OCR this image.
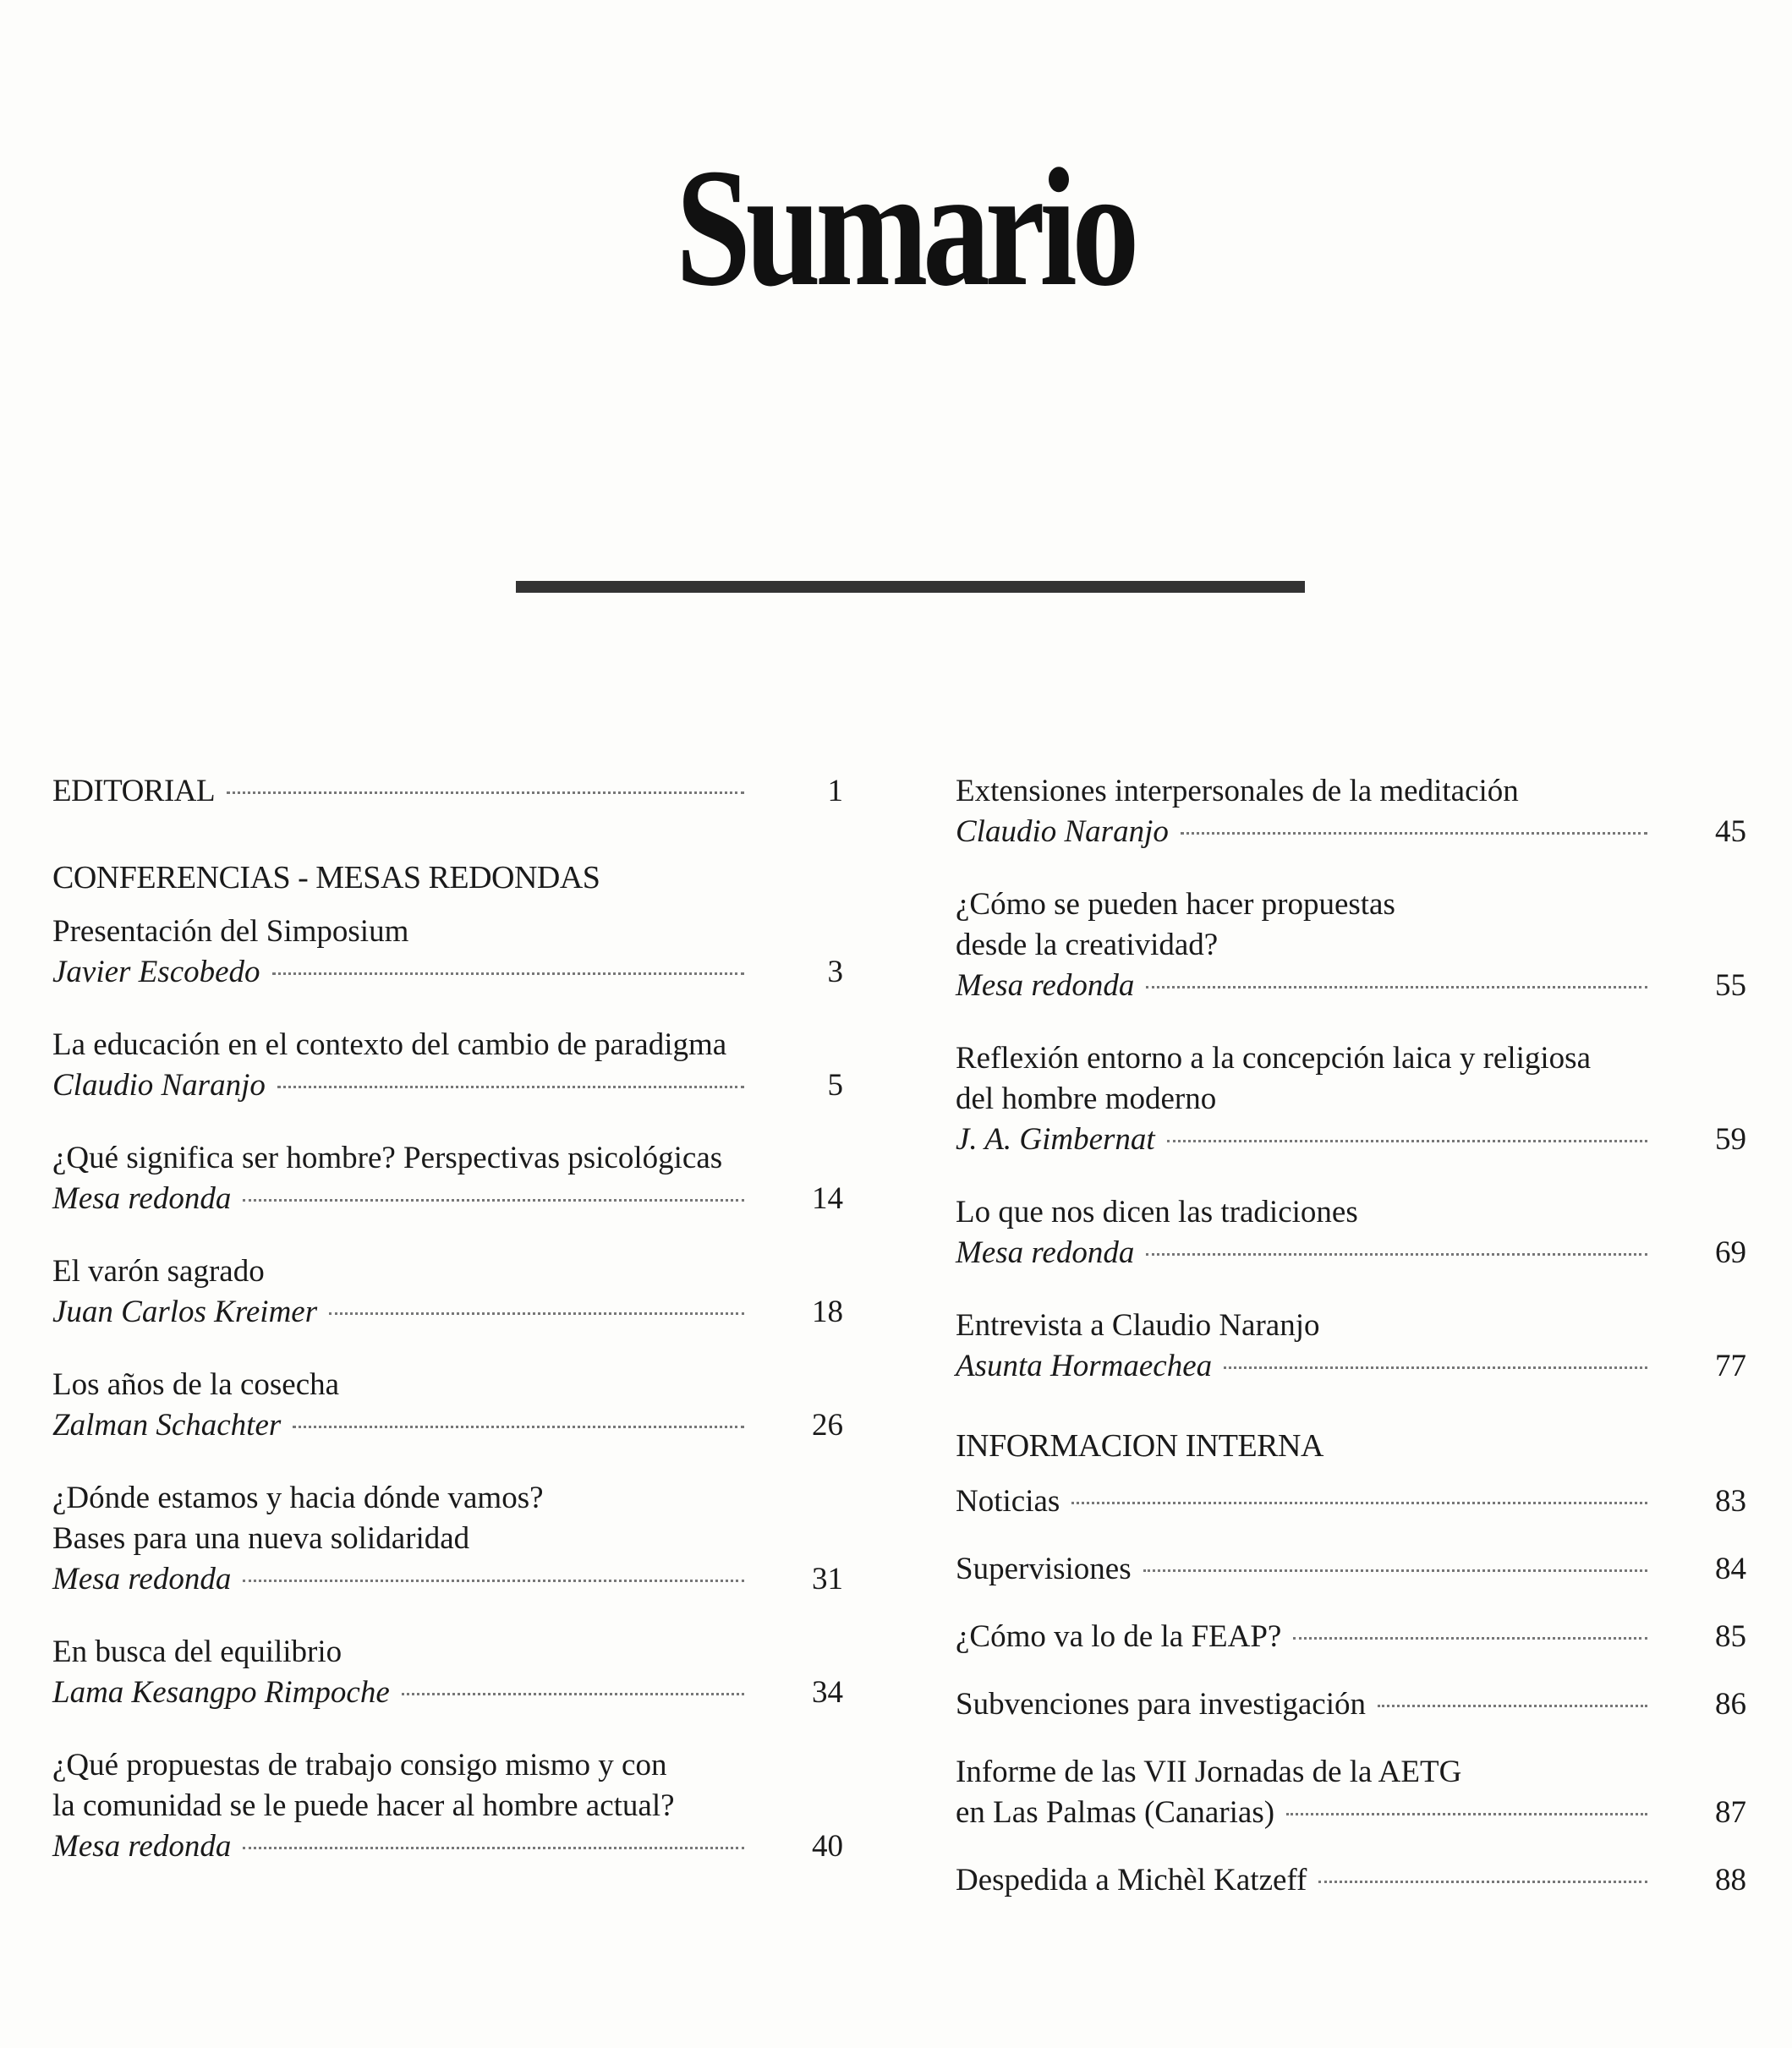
Sumario
EDITORIAL	1
CONFERENCIAS - MESAS REDONDAS
Presentación del Simposium
Javier Escobedo	3
La educación en el contexto del cambio de paradigma
Claudio Naranjo	5
¿Qué significa ser hombre? Perspectivas psicológicas
Mesa redonda	14
El varón sagrado
Juan Carlos Kreimer	18
Los años de la cosecha
Zalman Schachter	26
¿Dónde estamos y hacia dónde vamos?
Bases para una nueva solidaridad
Mesa redonda	31
En busca del equilibrio
Lama Kesangpo Rimpoche	34
¿Qué propuestas de trabajo consigo mismo y con
la comunidad se le puede hacer al hombre actual?
Mesa redonda	40
Extensiones interpersonales de la meditación
Claudio Naranjo	45
¿Cómo se pueden hacer propuestas
desde la creatividad?
Mesa redonda	55
Reflexión entorno a la concepción laica y religiosa
del hombre moderno
J. A. Gimbernat	59
Lo que nos dicen las tradiciones
Mesa redonda	69
Entrevista a Claudio Naranjo
Asunta Hormaechea	77
INFORMACION INTERNA
Noticias	83
Supervisiones	84
¿Cómo va lo de la FEAP?	85
Subvenciones para investigación	86
Informe de las VII Jornadas de la AETG
en Las Palmas (Canarias)	87
Despedida a Michèl Katzeff	88
